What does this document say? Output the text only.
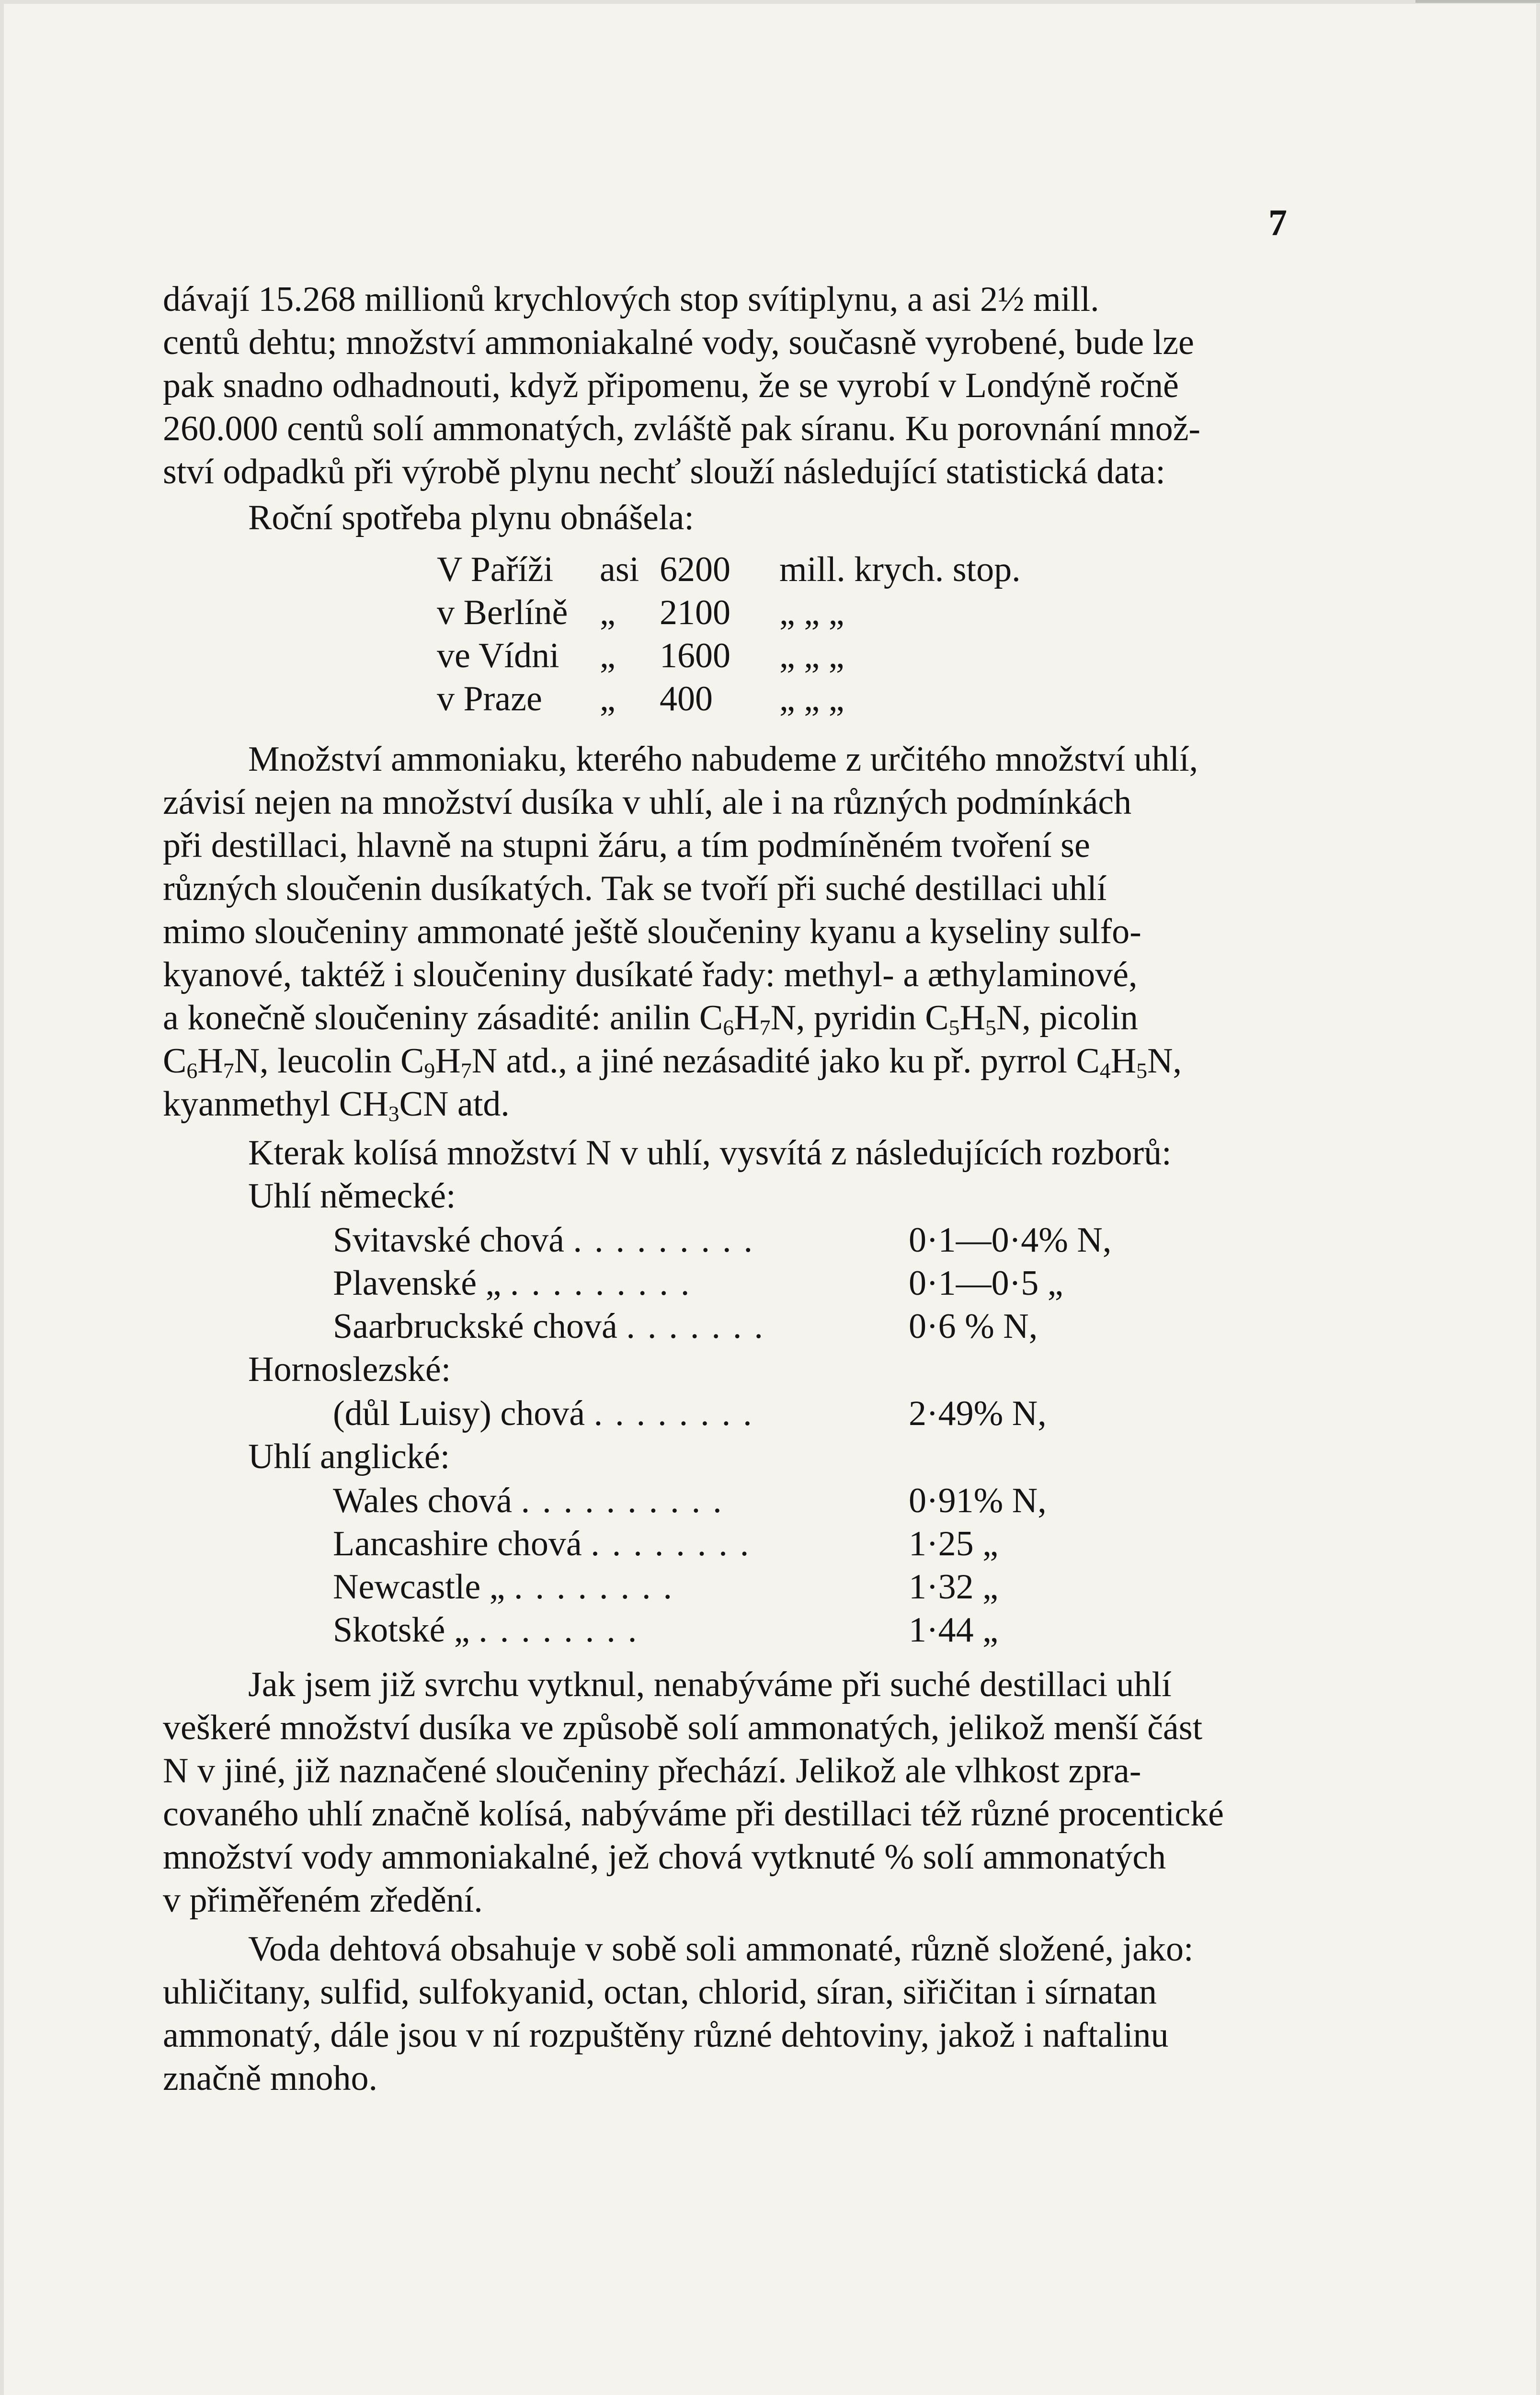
7

dávají 15.268 millionů krychlových stop svítiplynu, a asi 2½ mill.

centů dehtu; množství ammoniakalné vody, současně vyrobené, bude lze

pak snadno odhadnouti, když připomenu, že se vyrobí v Londýně ročně

260.000 centů solí ammonatých, zvláště pak síranu. Ku porovnání množ-

ství odpadků při výrobě plynu nechť slouží následující statistická data:

Roční spotřeba plynu obnášela:

V Paříži	asi	6200	mill. krych. stop.
v Berlíně	„	2100	„ „ „
ve Vídni	„	1600	„ „ „
v Praze	„	400	„ „ „

Množství ammoniaku, kterého nabudeme z určitého množství uhlí,

závisí nejen na množství dusíka v uhlí, ale i na různých podmínkách

při destillaci, hlavně na stupni žáru, a tím podmíněném tvoření se

různých sloučenin dusíkatých. Tak se tvoří při suché destillaci uhlí

mimo sloučeniny ammonaté ještě sloučeniny kyanu a kyseliny sulfo-

kyanové, taktéž i sloučeniny dusíkaté řady: methyl- a æthylaminové,

a konečně sloučeniny zásadité: anilin $C_6H_7N$, pyridin $C_5H_5N$, picolin

$C_6H_7N$, leucolin $C_9H_7N$ atd., a jiné nezásadité jako ku př. pyrrol $C_4H_5N$,

kyanmethyl $CH_3CN$ atd.

Kterak kolísá množství N v uhlí, vysvítá z následujících rozborů:

Uhlí německé:	
Svitavské chová .........	0·1—0·4% N,
Plavenské „ .........	0·1—0·5 „
Saarbruckské chová .......	0·6 % N,
Hornoslezské:	
(důl Luisy) chová ........	2·49% N,
Uhlí anglické:	
Wales chová ..........	0·91% N,
Lancashire chová ........	1·25 „
Newcastle „ ........	1·32 „
Skotské „ ........	1·44 „

Jak jsem již svrchu vytknul, nenabýváme při suché destillaci uhlí

veškeré množství dusíka ve způsobě solí ammonatých, jelikož menší část

N v jiné, již naznačené sloučeniny přechází. Jelikož ale vlhkost zpra-

covaného uhlí značně kolísá, nabýváme při destillaci též různé procentické

množství vody ammoniakalné, jež chová vytknuté % solí ammonatých

v přiměřeném zředění.

Voda dehtová obsahuje v sobě soli ammonaté, různě složené, jako:

uhličitany, sulfid, sulfokyanid, octan, chlorid, síran, siřičitan i sírnatan

ammonatý, dále jsou v ní rozpuštěny různé dehtoviny, jakož i naftalinu

značně mnoho.
